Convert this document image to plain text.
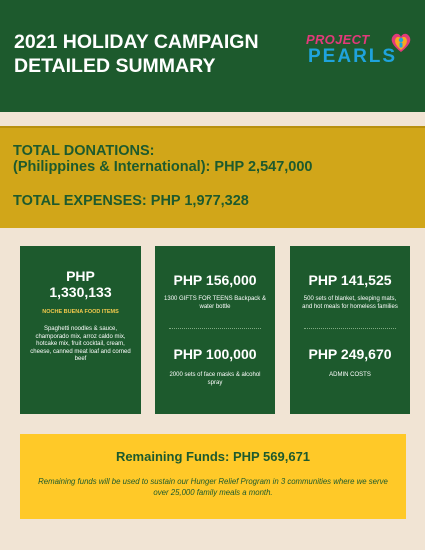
2021 HOLIDAY CAMPAIGN
DETAILED SUMMARY
PROJECT
PEARLS
TOTAL DONATIONS:
(Philippines & International): PHP 2,547,000
TOTAL EXPENSES: PHP 1,977,328
PHP
1,330,133
NOCHE BUENA FOOD ITEMS
Spaghetti noodles & sauce, champorado mix, arroz caldo mix, hotcake mix, fruit cocktail, cream, cheese, canned meat loaf and corned beef
PHP 156,000
1300 GIFTS FOR TEENS Backpack & water bottle
PHP 100,000
2000 sets of face masks & alcohol spray
PHP 141,525
500 sets of blanket, sleeping mats, and hot meals for homeless families
PHP 249,670
ADMIN COSTS
Remaining Funds: PHP 569,671
Remaining funds will be used to sustain our Hunger Relief Program in 3 communities where we serve over 25,000 family meals a month.
